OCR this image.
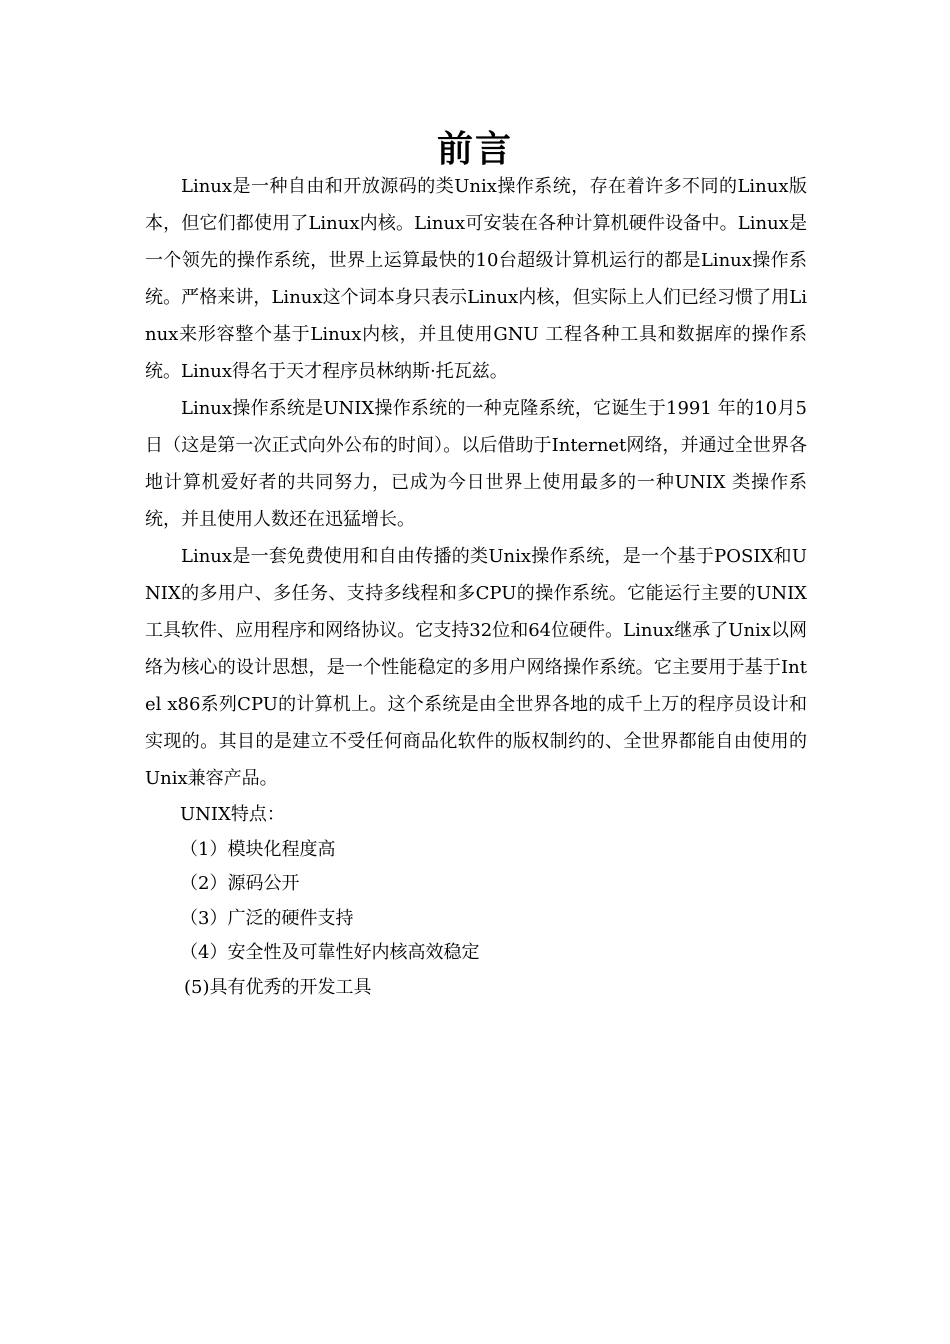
前言

Linux是一种自由和开放源码的类Unix操作系统，存在着许多不同的Linux版本，但它们都使用了Linux内核。Linux可安装在各种计算机硬件设备中。Linux是一个领先的操作系统，世界上运算最快的10台超级计算机运行的都是Linux操作系统。严格来讲，Linux这个词本身只表示Linux内核，但实际上人们已经习惯了用Linux来形容整个基于Linux内核，并且使用GNU 工程各种工具和数据库的操作系统。Linux得名于天才程序员林纳斯·托瓦兹。

Linux操作系统是UNIX操作系统的一种克隆系统，它诞生于1991 年的10月5 日（这是第一次正式向外公布的时间）。以后借助于Internet网络，并通过全世界各地计算机爱好者的共同努力，已成为今日世界上使用最多的一种UNIX 类操作系统，并且使用人数还在迅猛增长。

Linux是一套免费使用和自由传播的类Unix操作系统，是一个基于POSIX和UNIX的多用户、多任务、支持多线程和多CPU的操作系统。它能运行主要的UNIX工具软件、应用程序和网络协议。它支持32位和64位硬件。Linux继承了Unix以网络为核心的设计思想，是一个性能稳定的多用户网络操作系统。它主要用于基于Intel x86系列CPU的计算机上。这个系统是由全世界各地的成千上万的程序员设计和实现的。其目的是建立不受任何商品化软件的版权制约的、全世界都能自由使用的Unix兼容产品。

UNIX特点：
（1）模块化程度高
（2）源码公开
（3）广泛的硬件支持
（4）安全性及可靠性好内核高效稳定
(5)具有优秀的开发工具
